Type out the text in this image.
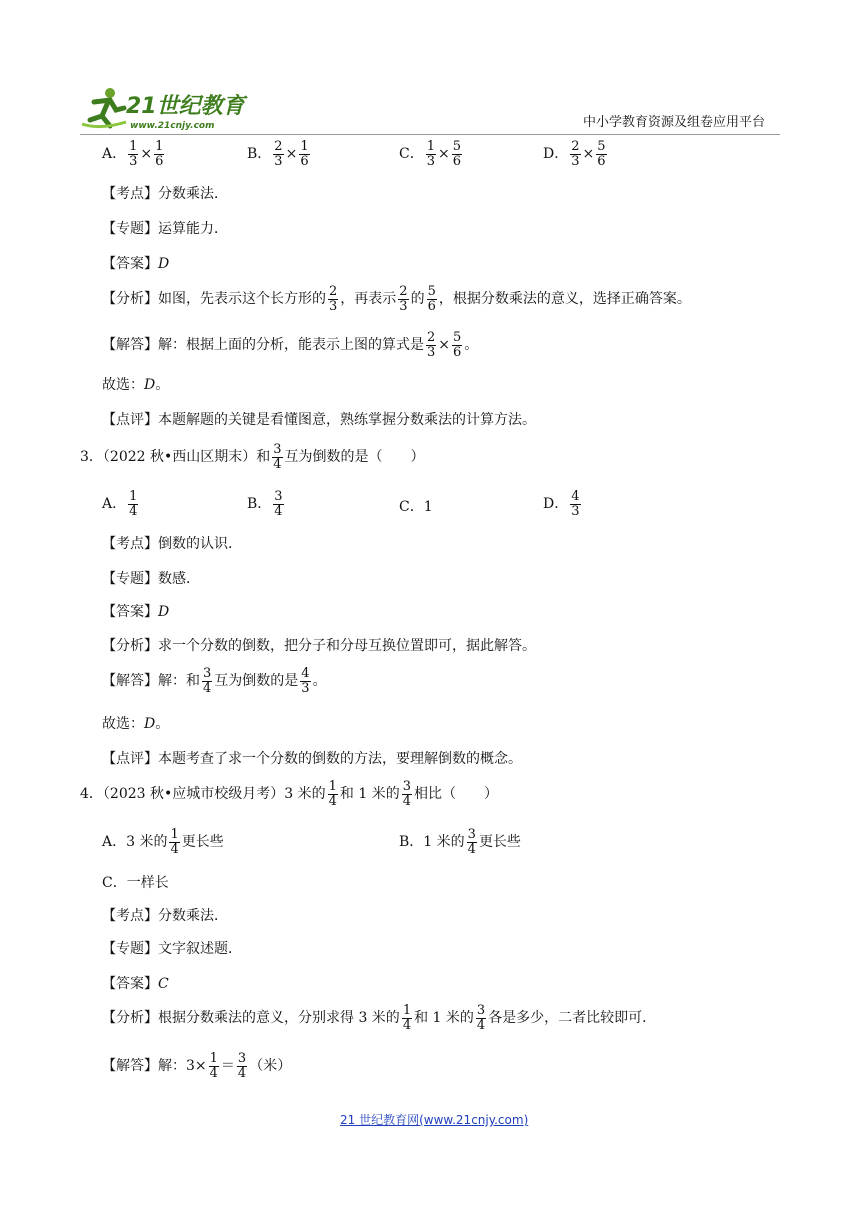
21世纪教育
www.21cnjy.com	中小学教育资源及组卷应用平台
A． $\frac{1}{3} \times \frac{1}{6}$	B． $\frac{2}{3} \times \frac{1}{6}$	C． $\frac{1}{3} \times \frac{5}{6}$	D． $\frac{2}{3} \times \frac{5}{6}$
【考点】分数乘法．
【专题】运算能力．
【答案】D
【分析】如图，先表示这个长方形的 $\frac{2}{3}$ ，再表示 $\frac{2}{3}$ 的 $\frac{5}{6}$ ，根据分数乘法的意义，选择正确答案。
【解答】解：根据上面的分析，能表示上图的算式是 $\frac{2}{3} \times \frac{5}{6}$ 。
故选：D。
【点评】本题解题的关键是看懂图意，熟练掌握分数乘法的计算方法。
3．（2022 秋•西山区期末）和 $\frac{3}{4}$ 互为倒数的是（　　）
A． $\frac{1}{4}$	B． $\frac{3}{4}$	C．1	D． $\frac{4}{3}$
【考点】倒数的认识．
【专题】数感．
【答案】D
【分析】求一个分数的倒数，把分子和分母互换位置即可，据此解答。
【解答】解：和 $\frac{3}{4}$ 互为倒数的是 $\frac{4}{3}$ 。
故选：D。
【点评】本题考查了求一个分数的倒数的方法，要理解倒数的概念。
4．（2023 秋•应城市校级月考）3 米的 $\frac{1}{4}$ 和 1 米的 $\frac{3}{4}$ 相比（　　）
A．3 米的 $\frac{1}{4}$ 更长些	B．1 米的 $\frac{3}{4}$ 更长些
C．一样长
【考点】分数乘法．
【专题】文字叙述题．
【答案】C
【分析】根据分数乘法的意义，分别求得 3 米的 $\frac{1}{4}$ 和 1 米的 $\frac{3}{4}$ 各是多少，二者比较即可．
【解答】解：$3\times \frac{1}{4} = \frac{3}{4}$ （米）
21 世纪教育网(www.21cnjy.com)
